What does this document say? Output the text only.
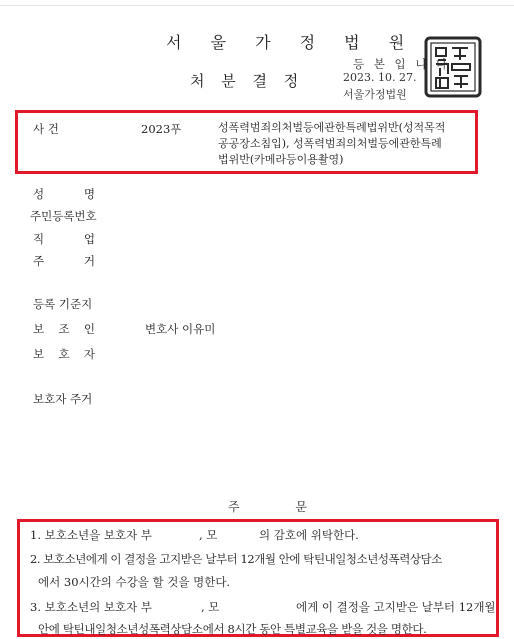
서 울 가 정 법 원
처 분 결 정
등 본 입 니 다
2023. 10. 27.
서울가정법원
사 건	2023푸	성폭력범죄의처벌등에관한특례법위반(성적목적
공공장소침입), 성폭력범죄의처벌등에관한특례
법위반(카메라등이용촬영)
성 명
주민등록번호
직 업
주 거
등록 기준지
보 조 인	변호사 이유미
보 호 자
보호자 주거
주 문
1. 보호소년을 보호자 부	, 모	의 감호에 위탁한다.
2. 보호소년에게 이 결정을 고지받은 날부터 12개월 안에 탁틴내일청소년성폭력상담소
에서 30시간의 수강을 할 것을 명한다.
3. 보호소년의 보호자 부	, 모	에게 이 결정을 고지받은 날부터 12개월
안에 탁틴내일청소년성폭력상담소에서 8시간 동안 특별교육을 받을 것을 명한다.
